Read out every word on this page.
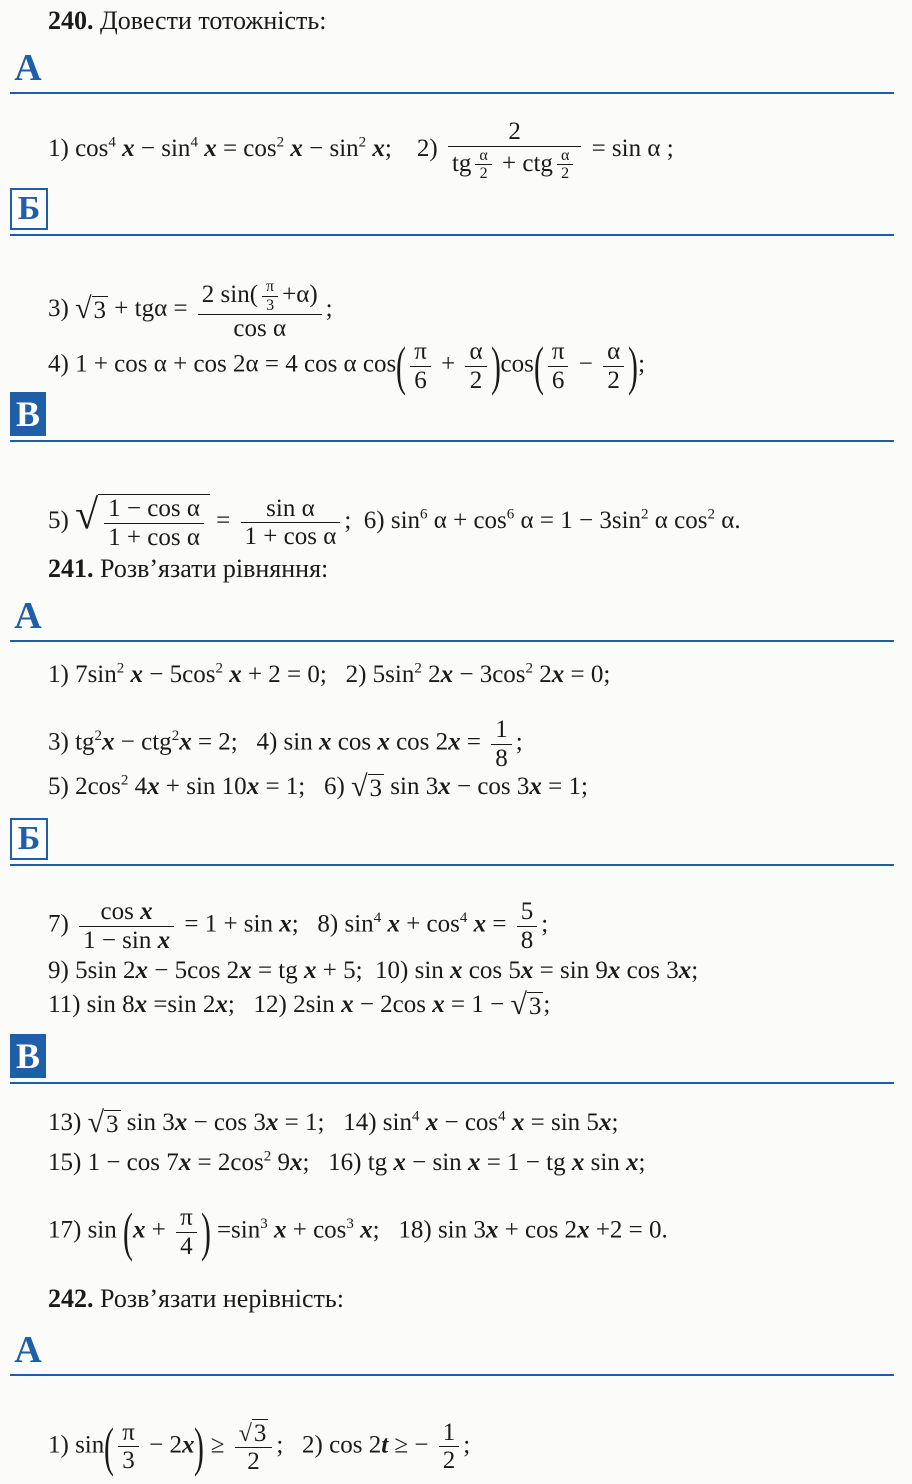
240. Довести тотожність:
А
1) $\cos^4 x - \sin^4 x = \cos^2 x - \sin^2 x$;    $2) \frac{2}{tg \frac{\alpha}{2} + ctg \frac{\alpha}{2}} = \sin \alpha$ ;
Б
3) $√3 + tg\alpha = \frac{2 \sin( \frac{\pi}{3} +\alpha)}{\text{cos α}}$ ;
4) 1 + cos α + cos 2α = 4 cos α $\cos( \frac{\pi}{6} + \frac{\alpha}{2} )\cos( \frac{\pi}{6} - \frac{\alpha}{2}$ );
В
5) √ $\frac{\text{1 − cos α}}{\text{1 + cos α}} = \frac{\text{sin α}}{\text{1 + cos α}}$ ;  6) $\sin^6 \alpha + \cos^6 \alpha = 1 - 3\sin^2$ α $\cos^2 \alpha$.
241. Розв’язати рівняння:
А
1) $7\sin^2$ $x - 5\cos^2$ x + 2 = 0;   2) $5\sin^2$ $2x - 3\cos^2$ 2x = 0;
3) $tg^2x - ctg^2x = 2$;   4) sin x cos x $\cos 2x = \frac{1}{8}$ ;
5) $2\cos^2$ 4x + sin 10x = 1;   6) √3 sin 3x − cos 3x = 1;
Б
$7) \frac{\text{cos x}}{\text{1 − sin x}} = 1 + \sin x$;   8) $\sin^4 x + \cos^4 x = \frac{5}{8}$ ;
9) 5sin 2x − 5cos 2x = tg x + 5;  10) sin x cos 5x = sin 9x cos 3x;
11) sin 8x =sin 2x;   12) 2sin x − 2cos x = 1 − √3;
В
13) √3 sin 3x − cos 3x = 1;   14) $\sin^4 x - \cos^4 x = \sin 5x$;
15) $1 - \cos 7x = 2\cos^2$ 9x;   16) tg x − sin x = 1 − tg x sin x;
17) $\sin (x + \frac{\pi}{4}$ ) $=\sin^3$ $x + \cos^3 x$;   18) sin 3x + cos 2x +2 = 0.
242. Розв’язати нерівність:
А
1) $\sin( \frac{\pi}{3} - 2x) \ge \frac{√3}{2}$ ;   2) cos 2t ≥ − $\frac{1}{2}$ ;
